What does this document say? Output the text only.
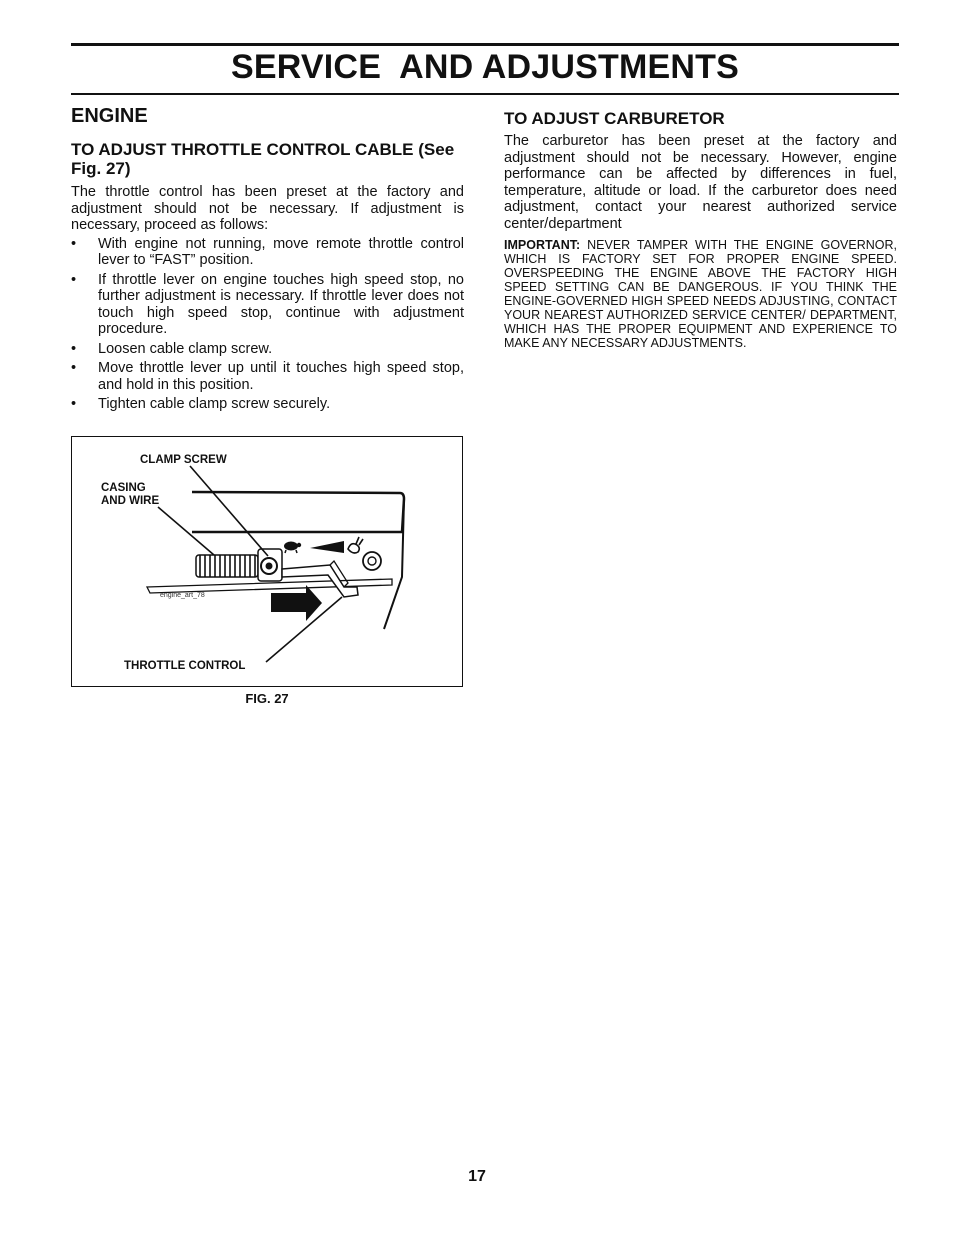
SERVICE  AND ADJUSTMENTS
ENGINE
TO ADJUST THROTTLE CONTROL CABLE (See Fig. 27)

The throttle control has been preset at the factory and adjustment should not be necessary. If adjustment is necessary, proceed as follows:

• With engine not running, move remote throttle control lever to “FAST” position.
• If throttle lever on engine touches high speed stop, no further adjustment is necessary. If throttle lever does not touch high speed stop, continue with adjustment procedure.
• Loosen cable clamp screw.
• Move throttle lever up until it touches high speed stop, and hold in this position.
• Tighten cable clamp screw securely.
CLAMP SCREW
CASING
AND WIRE
engine_art_78
THROTTLE CONTROL
FIG. 27
TO ADJUST CARBURETOR

The carburetor has been preset at the factory and adjustment should not be necessary. However, engine performance can be affected by differences in fuel, temperature, altitude or load. If the carburetor does need adjustment, contact your nearest authorized service center/department

IMPORTANT: NEVER TAMPER WITH THE ENGINE GOVERNOR, WHICH IS FACTORY SET FOR PROPER ENGINE SPEED. OVERSPEEDING THE ENGINE ABOVE THE FACTORY HIGH SPEED SETTING CAN BE DANGEROUS. IF YOU THINK THE ENGINE-GOVERNED HIGH SPEED NEEDS ADJUSTING, CONTACT YOUR NEAREST AUTHORIZED SERVICE CENTER/ DEPARTMENT, WHICH HAS THE PROPER EQUIPMENT AND EXPERIENCE TO MAKE ANY NECESSARY ADJUSTMENTS.

17
